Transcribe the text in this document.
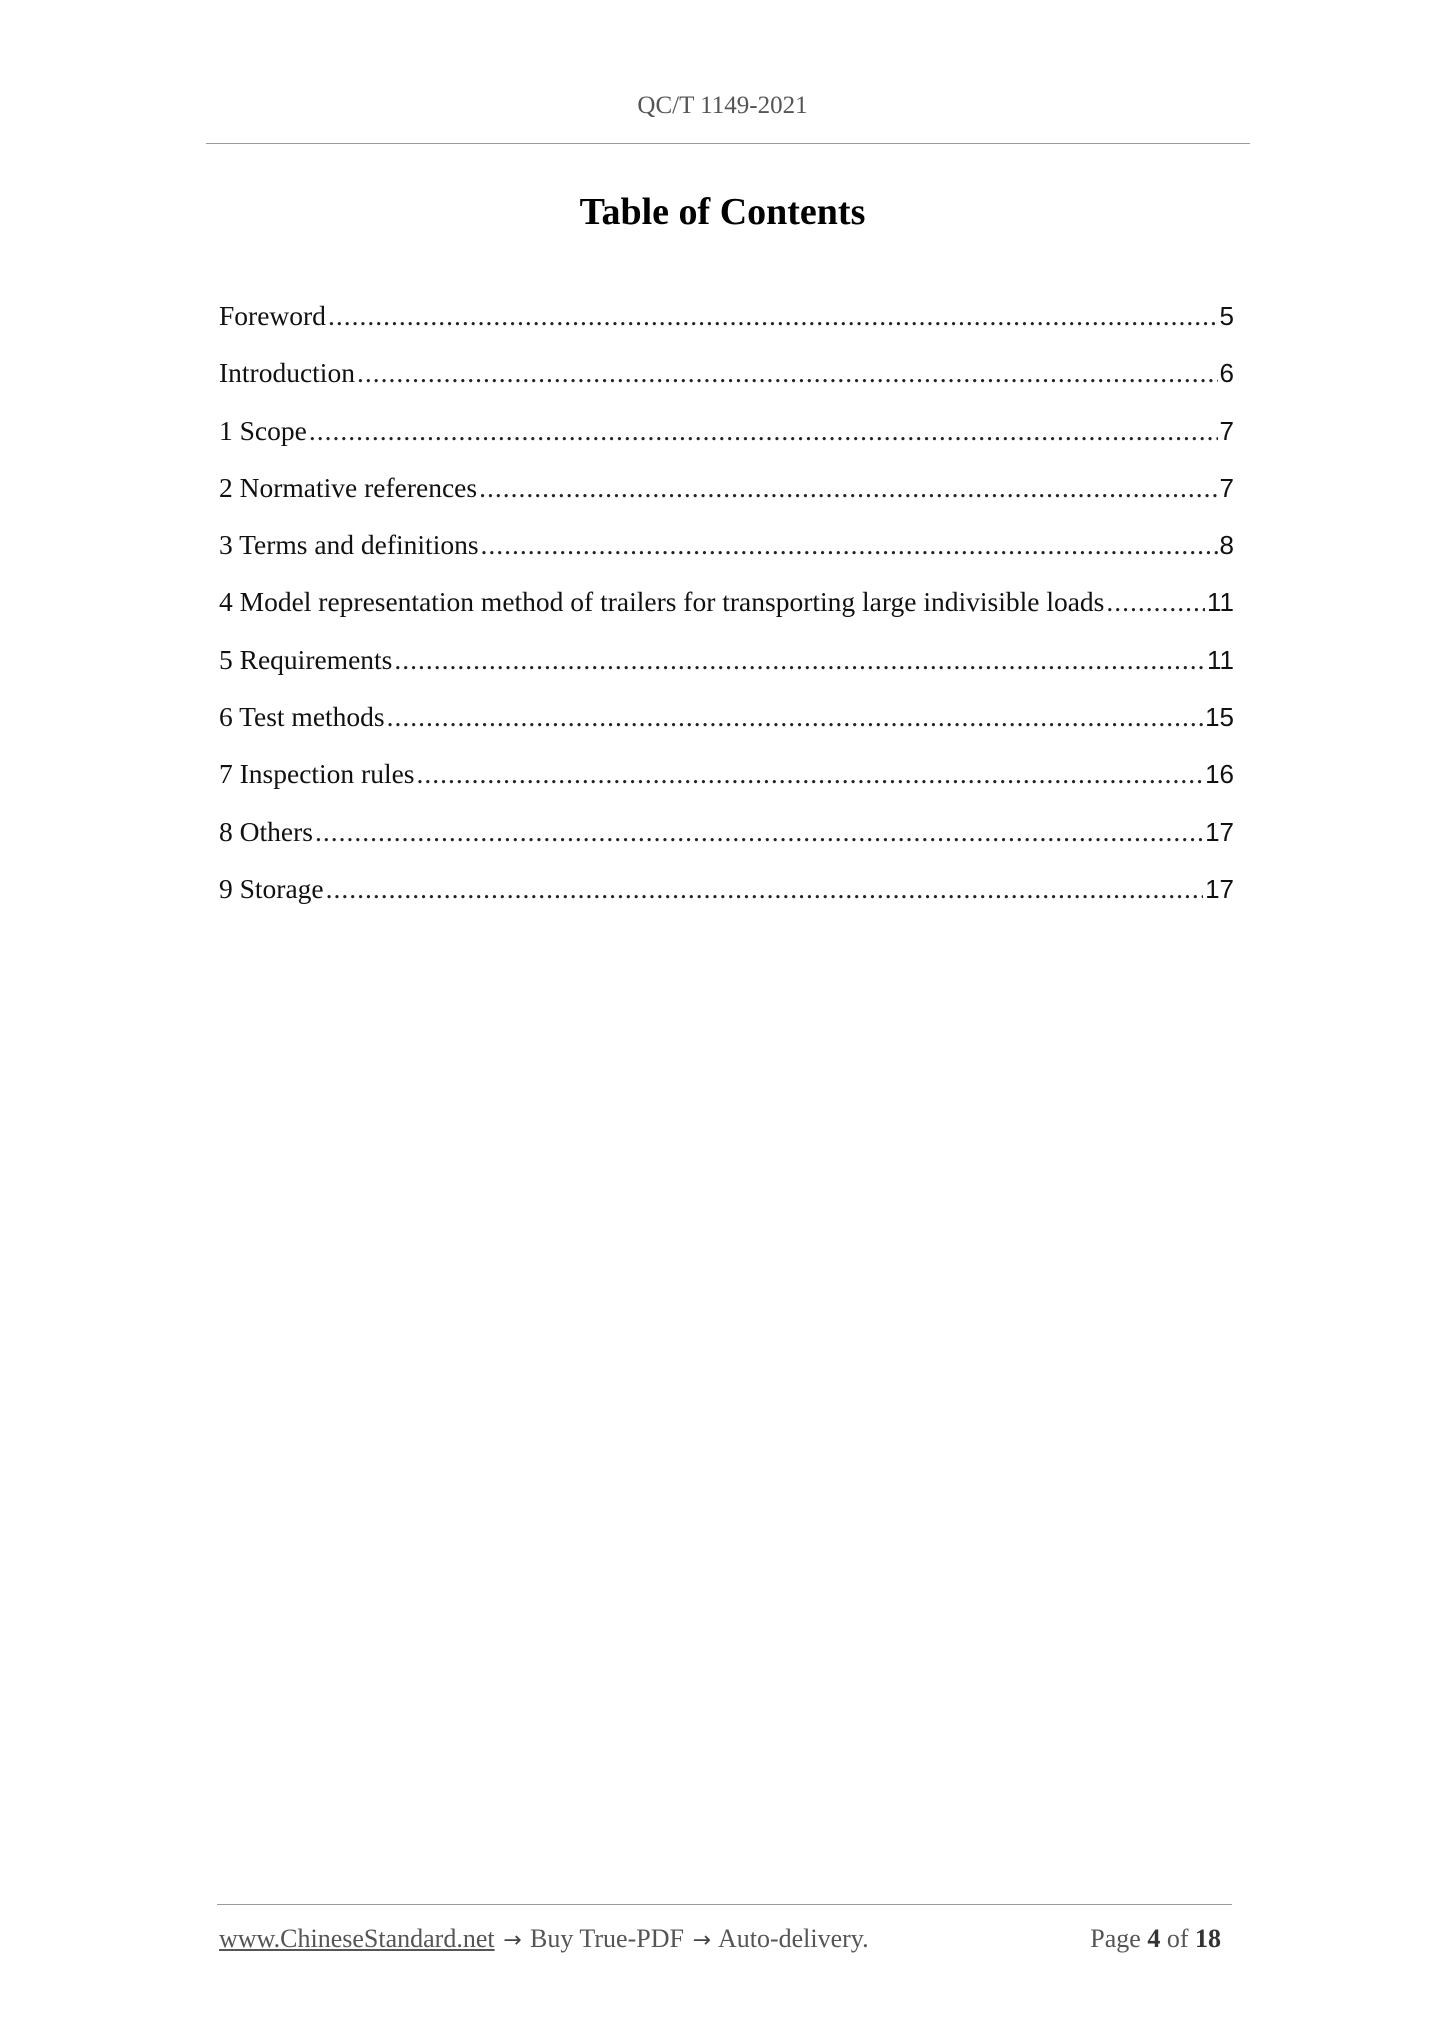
QC/T 1149-2021
Table of Contents
Foreword .....	5
Introduction .....	6
1 Scope .....	7
2 Normative references .....	7
3 Terms and definitions .....	8
4 Model representation method of trailers for transporting large indivisible loads .....	11
5 Requirements .....	11
6 Test methods .....	15
7 Inspection rules .....	16
8 Others .....	17
9 Storage .....	17
www.ChineseStandard.net → Buy True-PDF → Auto-delivery.	Page 4 of 18
